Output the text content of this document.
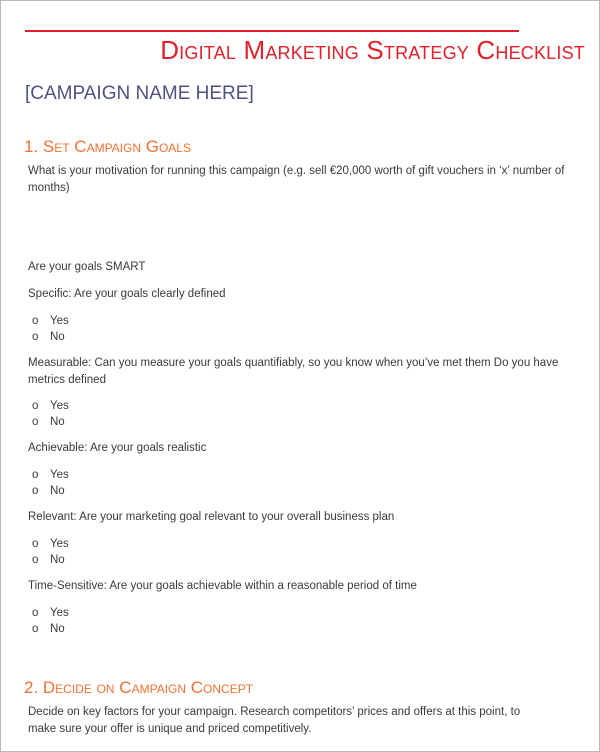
Digital Marketing Strategy Checklist
[CAMPAIGN NAME HERE]
1. Set Campaign Goals
What is your motivation for running this campaign (e.g. sell €20,000 worth of gift vouchers in ‘x’ number of months)
Are your goals SMART
Specific: Are your goals clearly defined
o Yes
o No
Measurable: Can you measure your goals quantifiably, so you know when you’ve met them Do you have metrics defined
o Yes
o No
Achievable: Are your goals realistic
o Yes
o No
Relevant: Are your marketing goal relevant to your overall business plan
o Yes
o No
Time-Sensitive: Are your goals achievable within a reasonable period of time
o Yes
o No
2. Decide on Campaign Concept
Decide on key factors for your campaign. Research competitors’ prices and offers at this point, to
make sure your offer is unique and priced competitively.
